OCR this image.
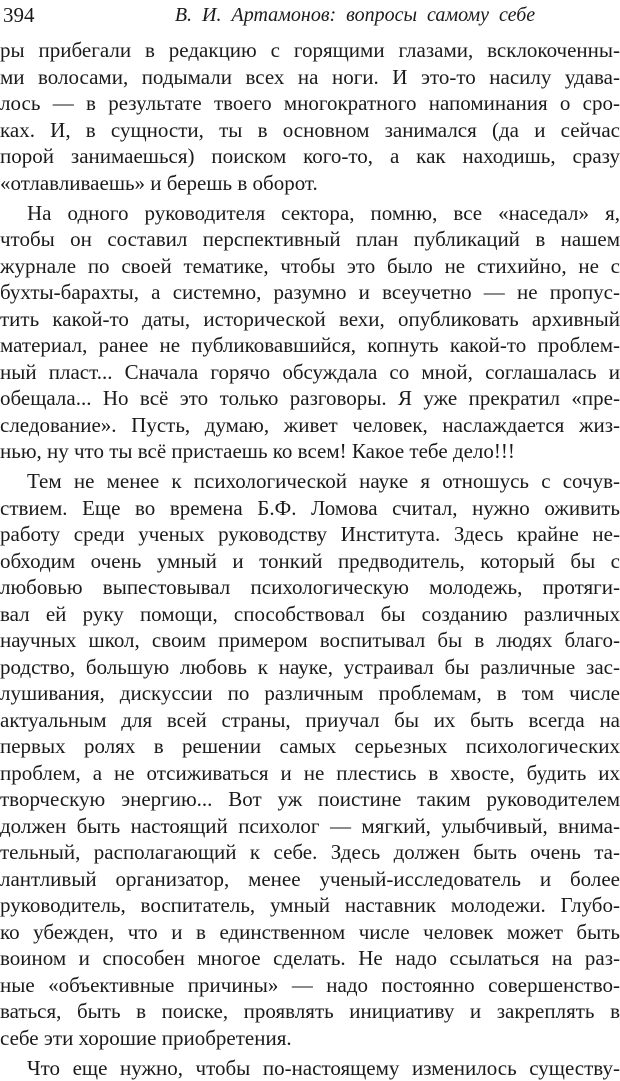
394	В. И. Артамонов: вопросы самому себе
ры прибегали в редакцию с горящими глазами, всклокоченны-
ми волосами, подымали всех на ноги. И это-то насилу удава-
лось — в результате твоего многократного напоминания о сро-
ках. И, в сущности, ты в основном занимался (да и сейчас
порой занимаешься) поиском кого-то, а как находишь, сразу
«отлавливаешь» и берешь в оборот.
На одного руководителя сектора, помню, все «наседал» я,
чтобы он составил перспективный план публикаций в нашем
журнале по своей тематике, чтобы это было не стихийно, не с
бухты-барахты, а системно, разумно и всеучетно — не пропус-
тить какой-то даты, исторической вехи, опубликовать архивный
материал, ранее не публиковавшийся, копнуть какой-то проблем-
ный пласт... Сначала горячо обсуждала со мной, соглашалась и
обещала... Но всё это только разговоры. Я уже прекратил «пре-
следование». Пусть, думаю, живет человек, наслаждается жиз-
нью, ну что ты всё пристаешь ко всем! Какое тебе дело!!!
Тем не менее к психологической науке я отношусь с сочув-
ствием. Еще во времена Б.Ф. Ломова считал, нужно оживить
работу среди ученых руководству Института. Здесь крайне не-
обходим очень умный и тонкий предводитель, который бы с
любовью выпестовывал психологическую молодежь, протяги-
вал ей руку помощи, способствовал бы созданию различных
научных школ, своим примером воспитывал бы в людях благо-
родство, большую любовь к науке, устраивал бы различные зас-
лушивания, дискуссии по различным проблемам, в том числе
актуальным для всей страны, приучал бы их быть всегда на
первых ролях в решении самых серьезных психологических
проблем, а не отсиживаться и не плестись в хвосте, будить их
творческую энергию... Вот уж поистине таким руководителем
должен быть настоящий психолог — мягкий, улыбчивый, внима-
тельный, располагающий к себе. Здесь должен быть очень та-
лантливый организатор, менее ученый-исследователь и более
руководитель, воспитатель, умный наставник молодежи. Глубо-
ко убежден, что и в единственном числе человек может быть
воином и способен многое сделать. Не надо ссылаться на раз-
ные «объективные причины» — надо постоянно совершенство-
ваться, быть в поиске, проявлять инициативу и закреплять в
себе эти хорошие приобретения.
Что еще нужно, чтобы по-настоящему изменилось существу-
